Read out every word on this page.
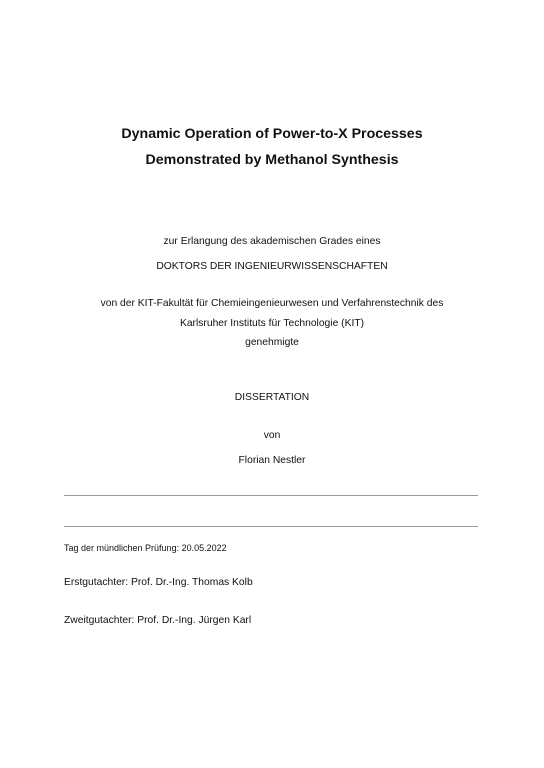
Dynamic Operation of Power-to-X Processes
Demonstrated by Methanol Synthesis
zur Erlangung des akademischen Grades eines
DOKTORS DER INGENIEURWISSENSCHAFTEN
von der KIT-Fakultät für Chemieingenieurwesen und Verfahrenstechnik des
Karlsruher Instituts für Technologie (KIT)
genehmigte
DISSERTATION
von
Florian Nestler
Tag der mündlichen Prüfung: 20.05.2022
Erstgutachter: Prof. Dr.-Ing. Thomas Kolb
Zweitgutachter: Prof. Dr.-Ing. Jürgen Karl
